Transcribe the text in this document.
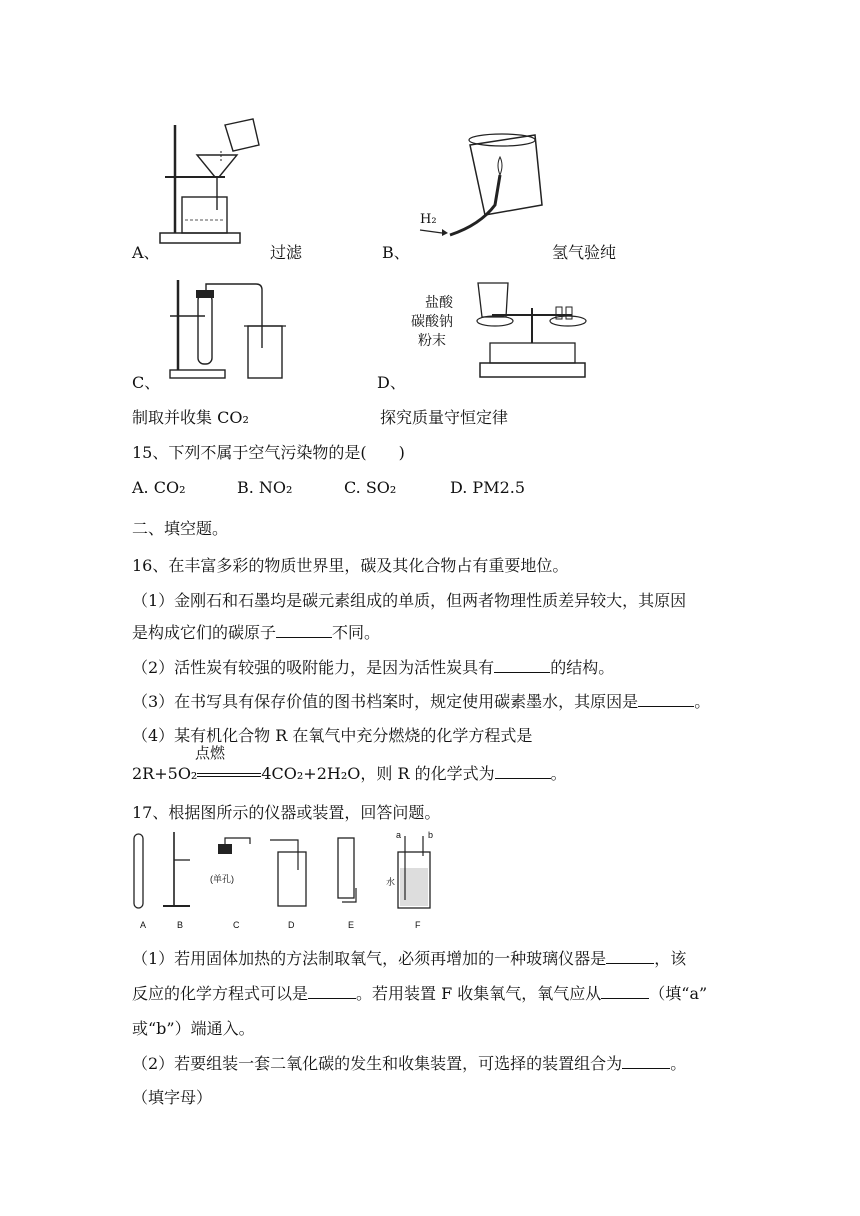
A、	过滤
H₂
B、	氢气验纯
C、
盐酸
碳酸钠
粉末
D、
制取并收集 CO₂	探究质量守恒定律
15、下列不属于空气污染物的是(　　)
A. CO₂	B. NO₂	C. SO₂	D. PM2.5
二、填空题。
16、在丰富多彩的物质世界里，碳及其化合物占有重要地位。
（1）金刚石和石墨均是碳元素组成的单质，但两者物理性质差异较大，其原因
是构成它们的碳原子	不同。
（2）活性炭有较强的吸附能力，是因为活性炭具有	的结构。
（3）在书写具有保存价值的图书档案时，规定使用碳素墨水，其原因是	。
（4）某有机化合物 R 在氧气中充分燃烧的化学方程式是
点燃
2R+5O₂	4CO₂+2H₂O，则 R 的化学式为	。
17、根据图所示的仪器或装置，回答问题。
A	B	C	D	E	F
(单孔)
a	b
水
（1）若用固体加热的方法制取氧气，必须再增加的一种玻璃仪器是	，该
反应的化学方程式可以是	。若用装置 F 收集氧气，氧气应从	（填“a”
或“b”）端通入。
（2）若要组装一套二氧化碳的发生和收集装置，可选择的装置组合为	。
（填字母）
